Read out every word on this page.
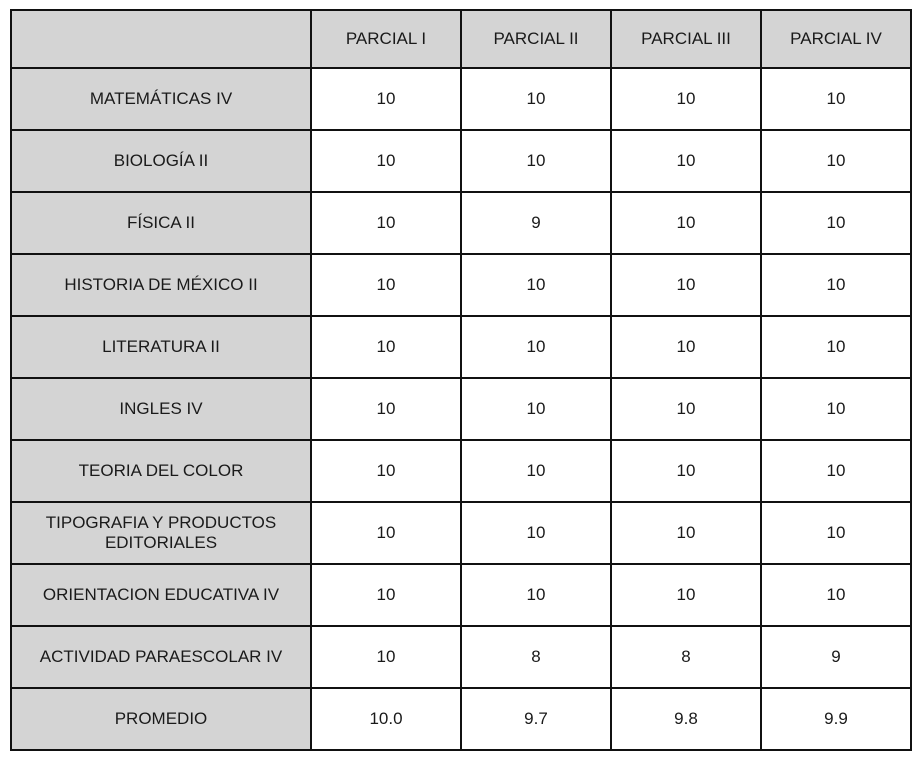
	PARCIAL I	PARCIAL II	PARCIAL III	PARCIAL IV
MATEMÁTICAS IV	10	10	10	10
BIOLOGÍA II	10	10	10	10
FÍSICA II	10	9	10	10
HISTORIA DE MÉXICO II	10	10	10	10
LITERATURA II	10	10	10	10
INGLES IV	10	10	10	10
TEORIA DEL COLOR	10	10	10	10
TIPOGRAFIA Y PRODUCTOS EDITORIALES	10	10	10	10
ORIENTACION EDUCATIVA IV	10	10	10	10
ACTIVIDAD PARAESCOLAR IV	10	8	8	9
PROMEDIO	10.0	9.7	9.8	9.9
